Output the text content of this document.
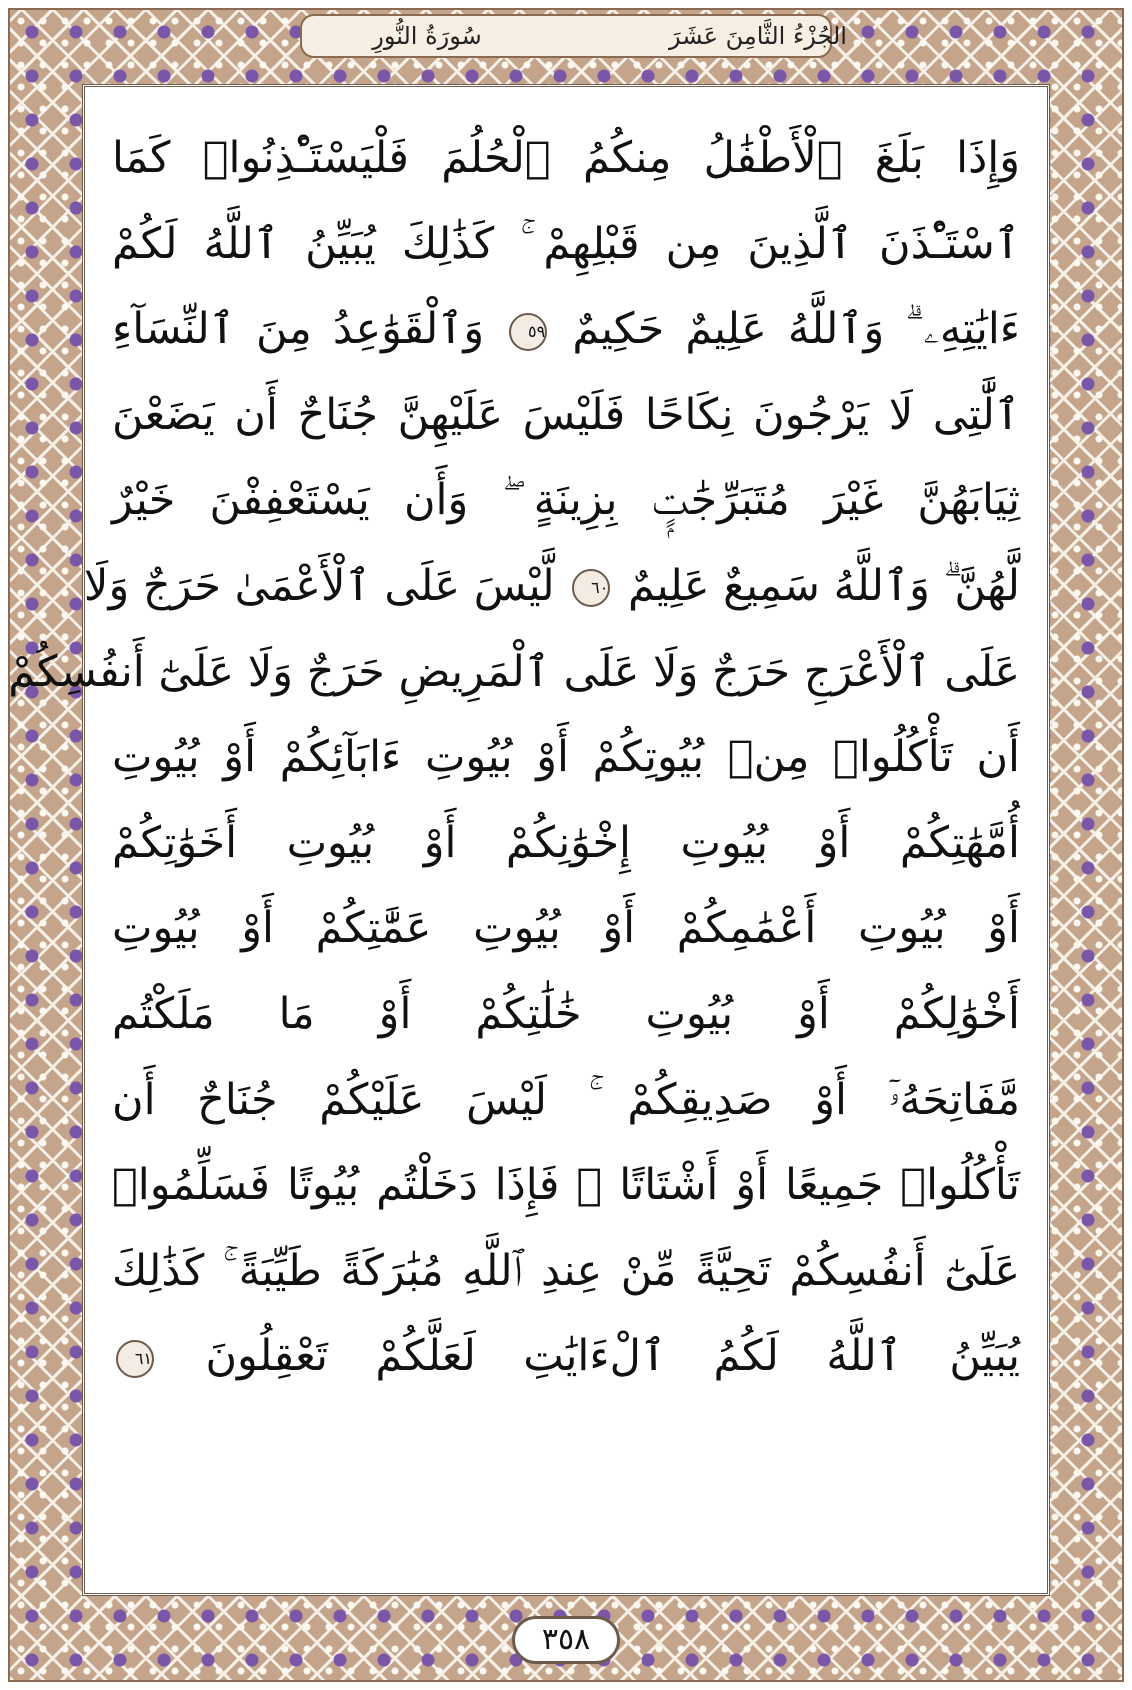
سُورَةُ النُّورِ	الجُزْءُ الثَّامِنَ عَشَرَ
وَإِذَا بَلَغَ ٱلْأَطْفَٰلُ مِنكُمُ ٱلْحُلُمَ فَلْيَسْتَـْٔذِنُوا۟ كَمَا
ٱسْتَـْٔذَنَ ٱلَّذِينَ مِن قَبْلِهِمْ ۚ كَذَٰلِكَ يُبَيِّنُ ٱللَّهُ لَكُمْ
ءَايَٰتِهِۦ ۗ وَٱللَّهُ عَلِيمٌ حَكِيمٌ ٥٩ وَٱلْقَوَٰعِدُ مِنَ ٱلنِّسَآءِ
ٱلَّٰتِى لَا يَرْجُونَ نِكَاحًا فَلَيْسَ عَلَيْهِنَّ جُنَاحٌ أَن يَضَعْنَ
ثِيَابَهُنَّ غَيْرَ مُتَبَرِّجَٰتٍۭ بِزِينَةٍ ۖ وَأَن يَسْتَعْفِفْنَ خَيْرٌ
لَّهُنَّ ۗ وَٱللَّهُ سَمِيعٌ عَلِيمٌ ٦٠ لَّيْسَ عَلَى ٱلْأَعْمَىٰ حَرَجٌ وَلَا
عَلَى ٱلْأَعْرَجِ حَرَجٌ وَلَا عَلَى ٱلْمَرِيضِ حَرَجٌ وَلَا عَلَىٰٓ أَنفُسِكُمْ
أَن تَأْكُلُوا۟ مِنۢ بُيُوتِكُمْ أَوْ بُيُوتِ ءَابَآئِكُمْ أَوْ بُيُوتِ
أُمَّهَٰتِكُمْ أَوْ بُيُوتِ إِخْوَٰنِكُمْ أَوْ بُيُوتِ أَخَوَٰتِكُمْ
أَوْ بُيُوتِ أَعْمَٰمِكُمْ أَوْ بُيُوتِ عَمَّٰتِكُمْ أَوْ بُيُوتِ
أَخْوَٰلِكُمْ أَوْ بُيُوتِ خَٰلَٰتِكُمْ أَوْ مَا مَلَكْتُم
مَّفَاتِحَهُۥٓ أَوْ صَدِيقِكُمْ ۚ لَيْسَ عَلَيْكُمْ جُنَاحٌ أَن
تَأْكُلُوا۟ جَمِيعًا أَوْ أَشْتَاتًا ۚ فَإِذَا دَخَلْتُم بُيُوتًا فَسَلِّمُوا۟
عَلَىٰٓ أَنفُسِكُمْ تَحِيَّةً مِّنْ عِندِ ٱللَّهِ مُبَٰرَكَةً طَيِّبَةً ۚ كَذَٰلِكَ
يُبَيِّنُ ٱللَّهُ لَكُمُ ٱلْءَايَٰتِ لَعَلَّكُمْ تَعْقِلُونَ ٦١
٣٥٨
